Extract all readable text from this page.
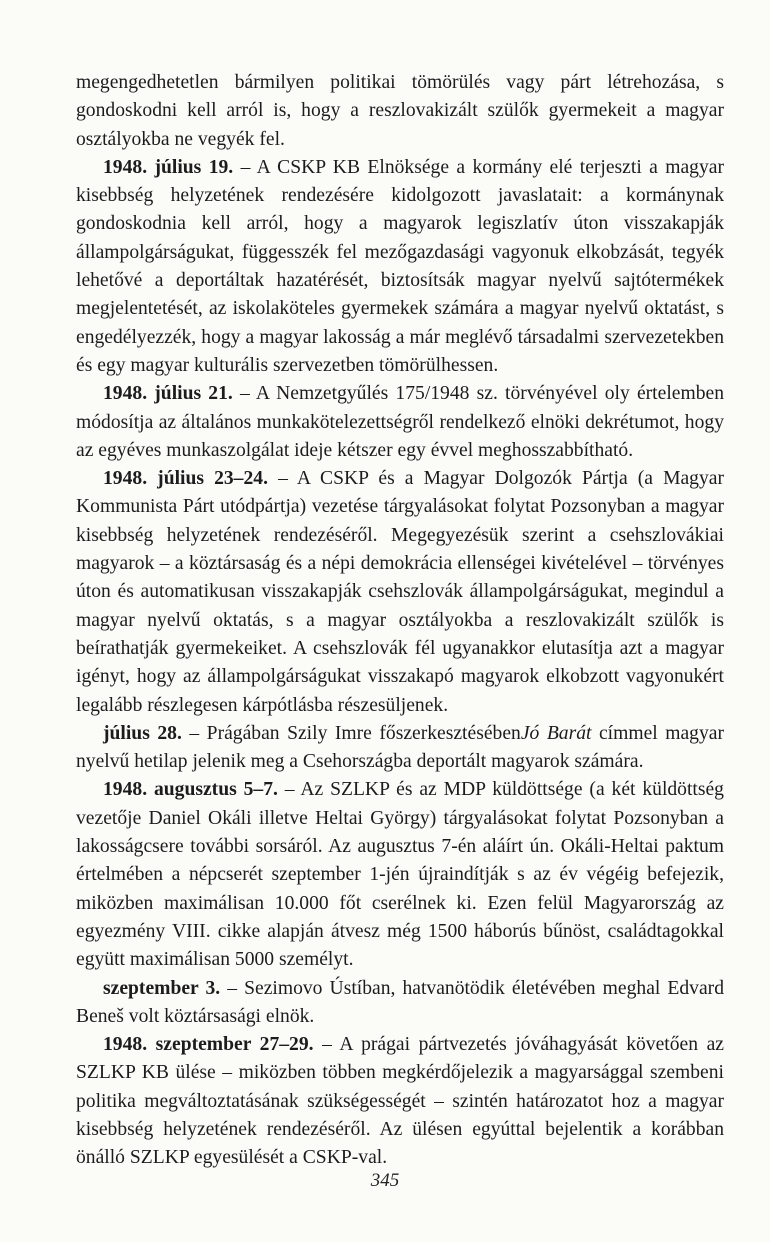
megengedhetetlen bármilyen politikai tömörülés vagy párt létrehozása, s gondoskodni kell arról is, hogy a reszlovakizált szülők gyermekeit a magyar osztályokba ne vegyék fel.

1948. július 19. – A CSKP KB Elnöksége a kormány elé terjeszti a magyar kisebbség helyzetének rendezésére kidolgozott javaslatait: a kormánynak gondoskodnia kell arról, hogy a magyarok legiszlatív úton visszakapják állampolgárságukat, függesszék fel mezőgazdasági vagyonuk elkobzását, tegyék lehetővé a deportáltak hazatérését, biztosítsák magyar nyelvű sajtótermékek megjelentetését, az iskolaköteles gyermekek számára a magyar nyelvű oktatást, s engedélyezzék, hogy a magyar lakosság a már meglévő társadalmi szervezetekben és egy magyar kulturális szervezetben tömörülhessen.

1948. július 21. – A Nemzetgyűlés 175/1948 sz. törvényével oly értelemben módosítja az általános munkakötelezettségről rendelkező elnöki dekrétumot, hogy az egyéves munkaszolgálat ideje kétszer egy évvel meghosszabbítható.

1948. július 23–24. – A CSKP és a Magyar Dolgozók Pártja (a Magyar Kommunista Párt utódpártja) vezetése tárgyalásokat folytat Pozsonyban a magyar kisebbség helyzetének rendezéséről. Megegyezésük szerint a csehszlovákiai magyarok – a köztársaság és a népi demokrácia ellenségei kivételével – törvényes úton és automatikusan visszakapják csehszlovák állampolgárságukat, megindul a magyar nyelvű oktatás, s a magyar osztályokba a reszlovakizált szülők is beírathatják gyermekeiket. A csehszlovák fél ugyanakkor elutasítja azt a magyar igényt, hogy az állampolgárságukat visszakapó magyarok elkobzott vagyonukért legalább részlegesen kárpótlásba részesüljenek.

július 28. – Prágában Szily Imre főszerkesztésébenJó Barát címmel magyar nyelvű hetilap jelenik meg a Csehországba deportált magyarok számára.

1948. augusztus 5–7. – Az SZLKP és az MDP küldöttsége (a két küldöttség vezetője Daniel Okáli illetve Heltai György) tárgyalásokat folytat Pozsonyban a lakosságcsere további sorsáról. Az augusztus 7-én aláírt ún. Okáli-Heltai paktum értelmében a népcserét szeptember 1-jén újraindítják s az év végéig befejezik, miközben maximálisan 10.000 főt cserélnek ki. Ezen felül Magyarország az egyezmény VIII. cikke alapján átvesz még 1500 háborús bűnöst, családtagokkal együtt maximálisan 5000 személyt.

szeptember 3. – Sezimovo Ústíban, hatvanötödik életévében meghal Edvard Beneš volt köztársasági elnök.

1948. szeptember 27–29. – A prágai pártvezetés jóváhagyását követően az SZLKP KB ülése – miközben többen megkérdőjelezik a magyarsággal szembeni politika megváltoztatásának szükségességét – szintén határozatot hoz a magyar kisebbség helyzetének rendezéséről. Az ülésen egyúttal bejelentik a korábban önálló SZLKP egyesülését a CSKP-val.

345
